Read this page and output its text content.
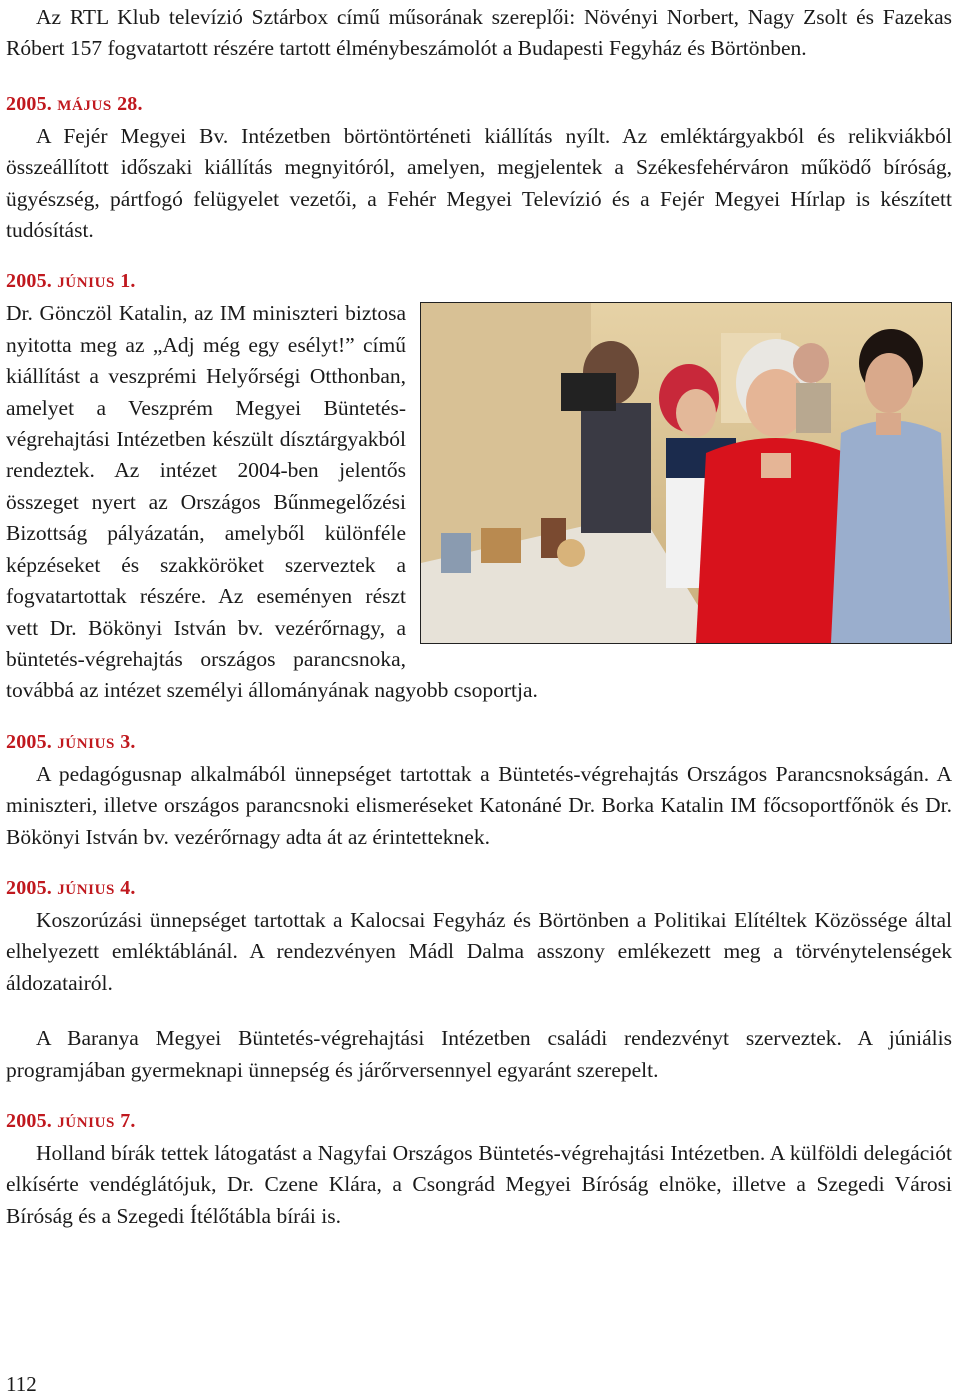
Az RTL Klub televízió Sztárbox című műsorának szereplői: Növényi Norbert, Nagy Zsolt és Fazekas Róbert 157 fogvatartott részére tartott élménybeszámolót a Budapesti Fegyház és Börtönben.

2005. MÁJUS 28.

A Fejér Megyei Bv. Intézetben börtöntörténeti kiállítás nyílt. Az emléktárgyakból és relikviákból összeállított időszaki kiállítás megnyitóról, amelyen, megjelentek a Székesfehérváron működő bíróság, ügyészség, pártfogó felügyelet vezetői, a Fehér Megyei Televízió és a Fejér Megyei Hírlap is készített tudósítást.

2005. JÚNIUS 1.

Dr. Gönczöl Katalin, az IM miniszteri biztosa nyitotta meg az „Adj még egy esélyt!” című kiállítást a veszprémi Helyőrségi Otthonban, amelyet a Veszprém Megyei Büntetés-végrehajtási Intézetben készült dísztárgyakból rendeztek. Az intézet 2004-ben jelentős összeget nyert az Országos Bűnmegelőzési Bizottság pályázatán, amelyből különféle képzéseket és szakköröket szerveztek a fogvatartottak részére. Az eseményen részt vett Dr. Bökönyi István bv. vezérőrnagy, a büntetés-végrehajtás országos parancsnoka, továbbá az intézet személyi állományának nagyobb csoportja.

2005. JÚNIUS 3.

A pedagógusnap alkalmából ünnepséget tartottak a Büntetés-végrehajtás Országos Parancsnokságán. A miniszteri, illetve országos parancsnoki elismeréseket Katonáné Dr. Borka Katalin IM főcsoportfőnök és Dr. Bökönyi István bv. vezérőrnagy adta át az érintetteknek.

2005. JÚNIUS 4.

Koszorúzási ünnepséget tartottak a Kalocsai Fegyház és Börtönben a Politikai Elítéltek Közössége által elhelyezett emléktáblánál. A rendezvényen Mádl Dalma asszony emlékezett meg a törvénytelenségek áldozatairól.

A Baranya Megyei Büntetés-végrehajtási Intézetben családi rendezvényt szerveztek. A júniális programjában gyermeknapi ünnepség és járőrversennyel egyaránt szerepelt.

2005. JÚNIUS 7.

Holland bírák tettek látogatást a Nagyfai Országos Büntetés-végrehajtási Intézetben. A külföldi delegációt elkísérte vendéglátójuk, Dr. Czene Klára, a Csongrád Megyei Bíróság elnöke, illetve a Szegedi Városi Bíróság és a Szegedi Ítélőtábla bírái is.

112
